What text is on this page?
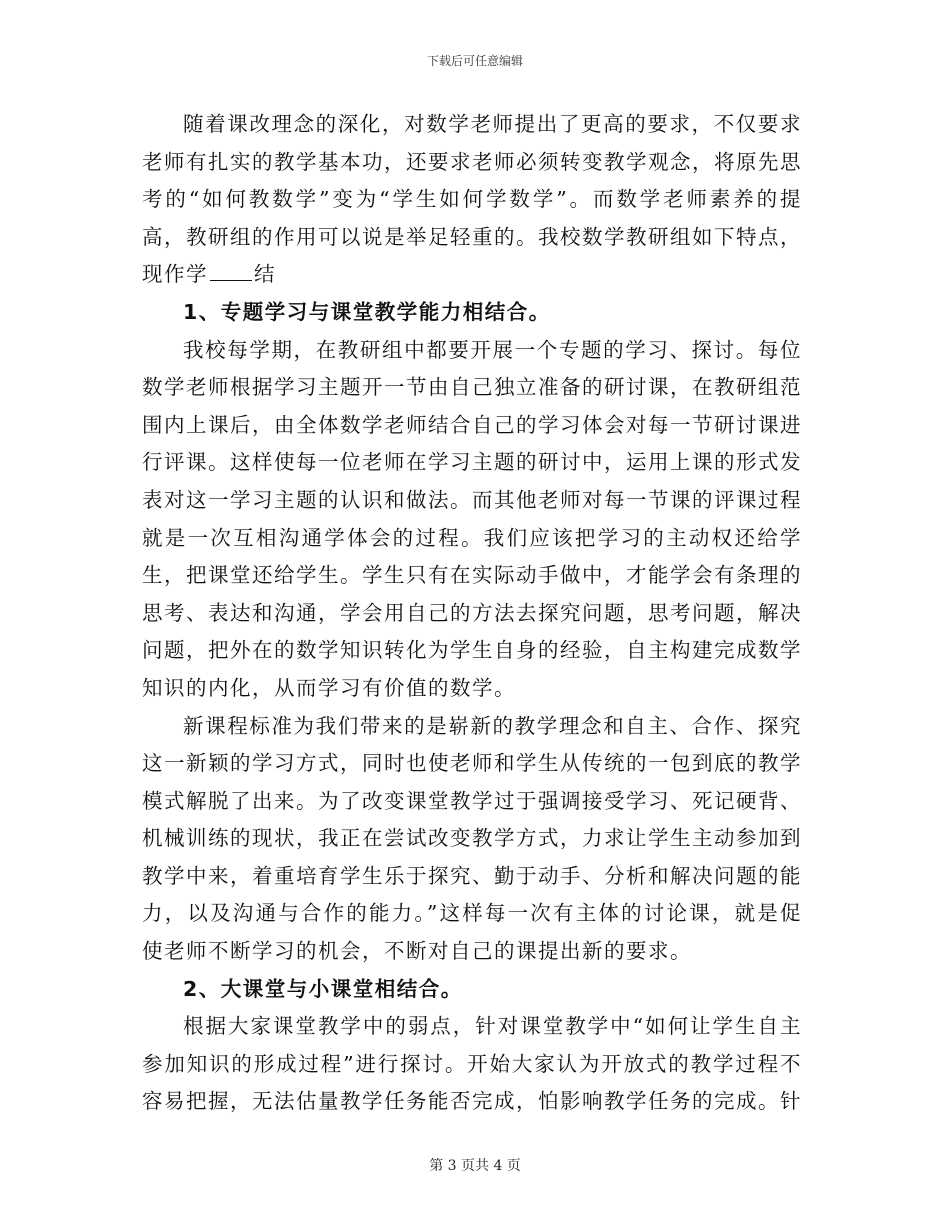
下载后可任意编辑

随着课改理念的深化，对数学老师提出了更高的要求，不仅要求老师有扎实的教学基本功，还要求老师必须转变教学观念，将原先思考的“如何教数学”变为“学生如何学数学”。而数学老师素养的提高，教研组的作用可以说是举足轻重的。我校数学教研组如下特点，现作学 结

1、专题学习与课堂教学能力相结合。

我校每学期，在教研组中都要开展一个专题的学习、探讨。每位数学老师根据学习主题开一节由自己独立准备的研讨课，在教研组范围内上课后，由全体数学老师结合自己的学习体会对每一节研讨课进行评课。这样使每一位老师在学习主题的研讨中，运用上课的形式发表对这一学习主题的认识和做法。而其他老师对每一节课的评课过程就是一次互相沟通学体会的过程。我们应该把学习的主动权还给学生，把课堂还给学生。学生只有在实际动手做中，才能学会有条理的思考、表达和沟通，学会用自己的方法去探究问题，思考问题，解决问题，把外在的数学知识转化为学生自身的经验，自主构建完成数学知识的内化，从而学习有价值的数学。

新课程标准为我们带来的是崭新的教学理念和自主、合作、探究这一新颖的学习方式，同时也使老师和学生从传统的一包到底的教学模式解脱了出来。为了改变课堂教学过于强调接受学习、死记硬背、机械训练的现状，我正在尝试改变教学方式，力求让学生主动参加到教学中来，着重培育学生乐于探究、勤于动手、分析和解决问题的能力，以及沟通与合作的能力。”这样每一次有主体的讨论课，就是促使老师不断学习的机会，不断对自己的课提出新的要求。

2、大课堂与小课堂相结合。

根据大家课堂教学中的弱点，针对课堂教学中“如何让学生自主参加知识的形成过程”进行探讨。开始大家认为开放式的教学过程不容易把握，无法估量教学任务能否完成，怕影响教学任务的完成。针

第 3 页共 4 页
